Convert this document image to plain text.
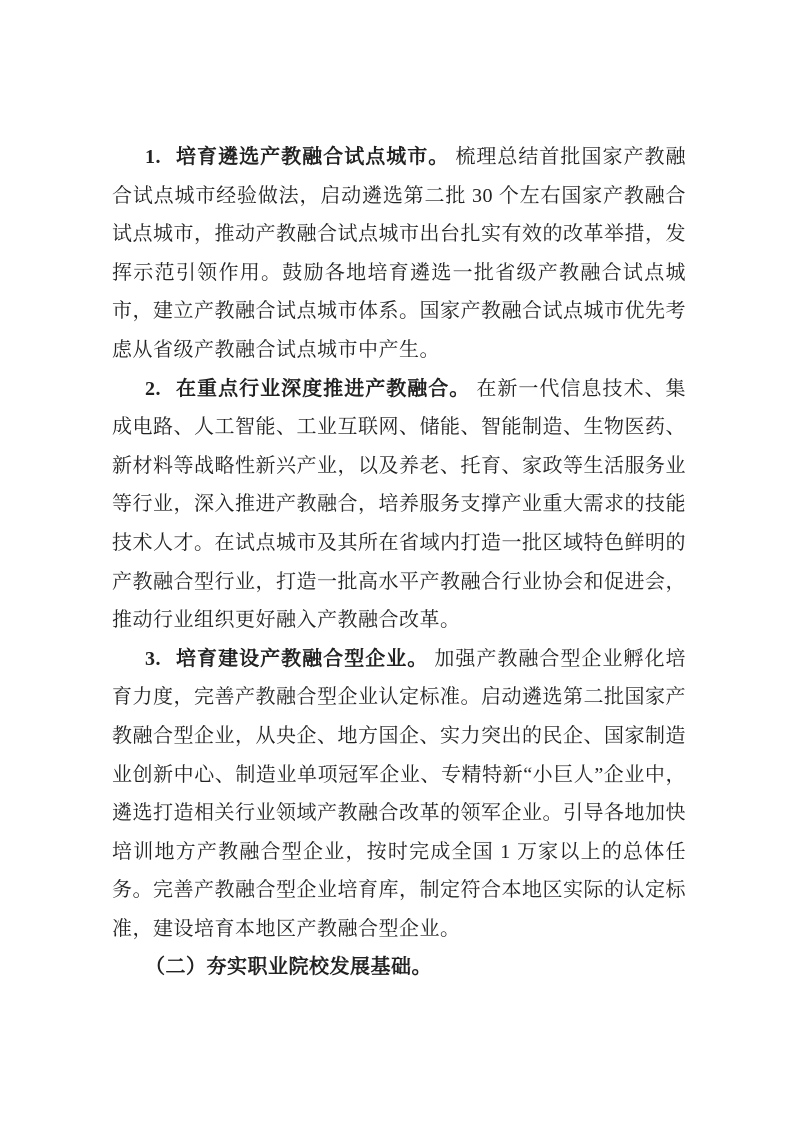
1. 培育遴选产教融合试点城市。 梳理总结首批国家产教融合试点城市经验做法，启动遴选第二批 30 个左右国家产教融合试点城市，推动产教融合试点城市出台扎实有效的改革举措，发挥示范引领作用。鼓励各地培育遴选一批省级产教融合试点城市，建立产教融合试点城市体系。国家产教融合试点城市优先考虑从省级产教融合试点城市中产生。

2. 在重点行业深度推进产教融合。 在新一代信息技术、集成电路、人工智能、工业互联网、储能、智能制造、生物医药、新材料等战略性新兴产业，以及养老、托育、家政等生活服务业等行业，深入推进产教融合，培养服务支撑产业重大需求的技能技术人才。在试点城市及其所在省域内打造一批区域特色鲜明的产教融合型行业，打造一批高水平产教融合行业协会和促进会，推动行业组织更好融入产教融合改革。

3. 培育建设产教融合型企业。 加强产教融合型企业孵化培育力度，完善产教融合型企业认定标准。启动遴选第二批国家产教融合型企业，从央企、地方国企、实力突出的民企、国家制造业创新中心、制造业单项冠军企业、专精特新“小巨人”企业中，遴选打造相关行业领域产教融合改革的领军企业。引导各地加快培训地方产教融合型企业，按时完成全国 1 万家以上的总体任务。完善产教融合型企业培育库，制定符合本地区实际的认定标准，建设培育本地区产教融合型企业。

（二）夯实职业院校发展基础。
